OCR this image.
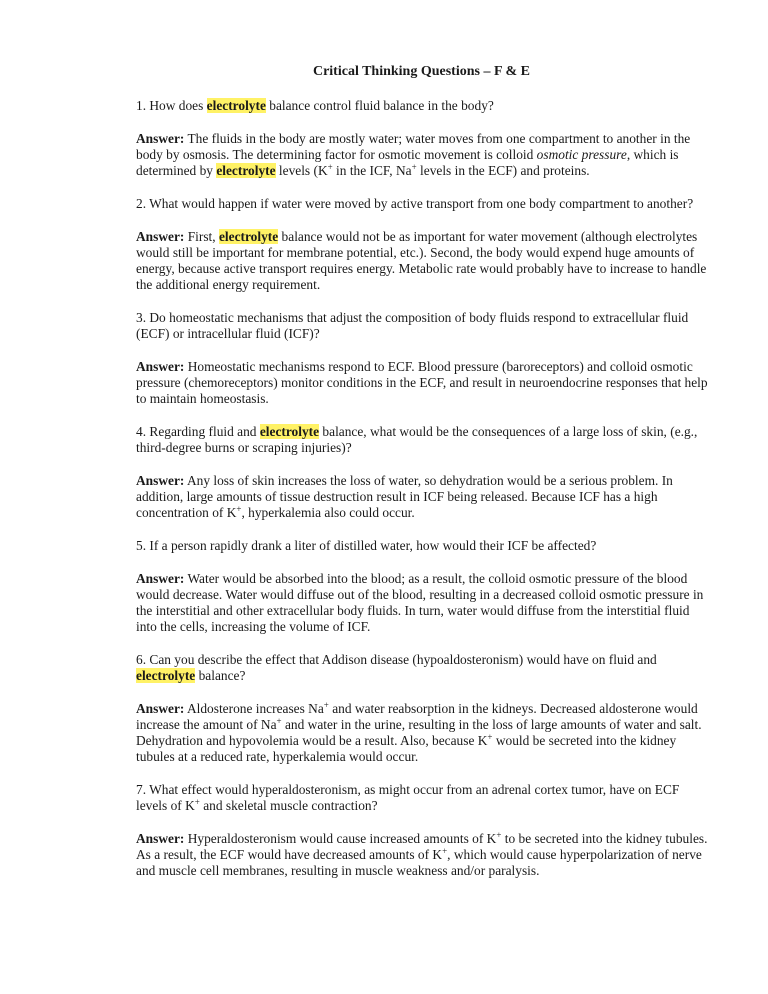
Critical Thinking Questions – F & E
1. How does electrolyte balance control fluid balance in the body?
Answer: The fluids in the body are mostly water; water moves from one compartment to another in the body by osmosis. The determining factor for osmotic movement is colloid osmotic pressure, which is determined by electrolyte levels (K+ in the ICF, Na+ levels in the ECF) and proteins.
2. What would happen if water were moved by active transport from one body compartment to another?
Answer: First, electrolyte balance would not be as important for water movement (although electrolytes would still be important for membrane potential, etc.). Second, the body would expend huge amounts of energy, because active transport requires energy. Metabolic rate would probably have to increase to handle the additional energy requirement.
3. Do homeostatic mechanisms that adjust the composition of body fluids respond to extracellular fluid (ECF) or intracellular fluid (ICF)?
Answer: Homeostatic mechanisms respond to ECF. Blood pressure (baroreceptors) and colloid osmotic pressure (chemoreceptors) monitor conditions in the ECF, and result in neuroendocrine responses that help to maintain homeostasis.
4. Regarding fluid and electrolyte balance, what would be the consequences of a large loss of skin, (e.g., third-degree burns or scraping injuries)?
Answer: Any loss of skin increases the loss of water, so dehydration would be a serious problem. In addition, large amounts of tissue destruction result in ICF being released. Because ICF has a high concentration of K+, hyperkalemia also could occur.
5. If a person rapidly drank a liter of distilled water, how would their ICF be affected?
Answer: Water would be absorbed into the blood; as a result, the colloid osmotic pressure of the blood would decrease. Water would diffuse out of the blood, resulting in a decreased colloid osmotic pressure in the interstitial and other extracellular body fluids. In turn, water would diffuse from the interstitial fluid into the cells, increasing the volume of ICF.
6. Can you describe the effect that Addison disease (hypoaldosteronism) would have on fluid and electrolyte balance?
Answer: Aldosterone increases Na+ and water reabsorption in the kidneys. Decreased aldosterone would increase the amount of Na+ and water in the urine, resulting in the loss of large amounts of water and salt. Dehydration and hypovolemia would be a result. Also, because K+ would be secreted into the kidney tubules at a reduced rate, hyperkalemia would occur.
7. What effect would hyperaldosteronism, as might occur from an adrenal cortex tumor, have on ECF levels of K+ and skeletal muscle contraction?
Answer: Hyperaldosteronism would cause increased amounts of K+ to be secreted into the kidney tubules. As a result, the ECF would have decreased amounts of K+, which would cause hyperpolarization of nerve and muscle cell membranes, resulting in muscle weakness and/or paralysis.
